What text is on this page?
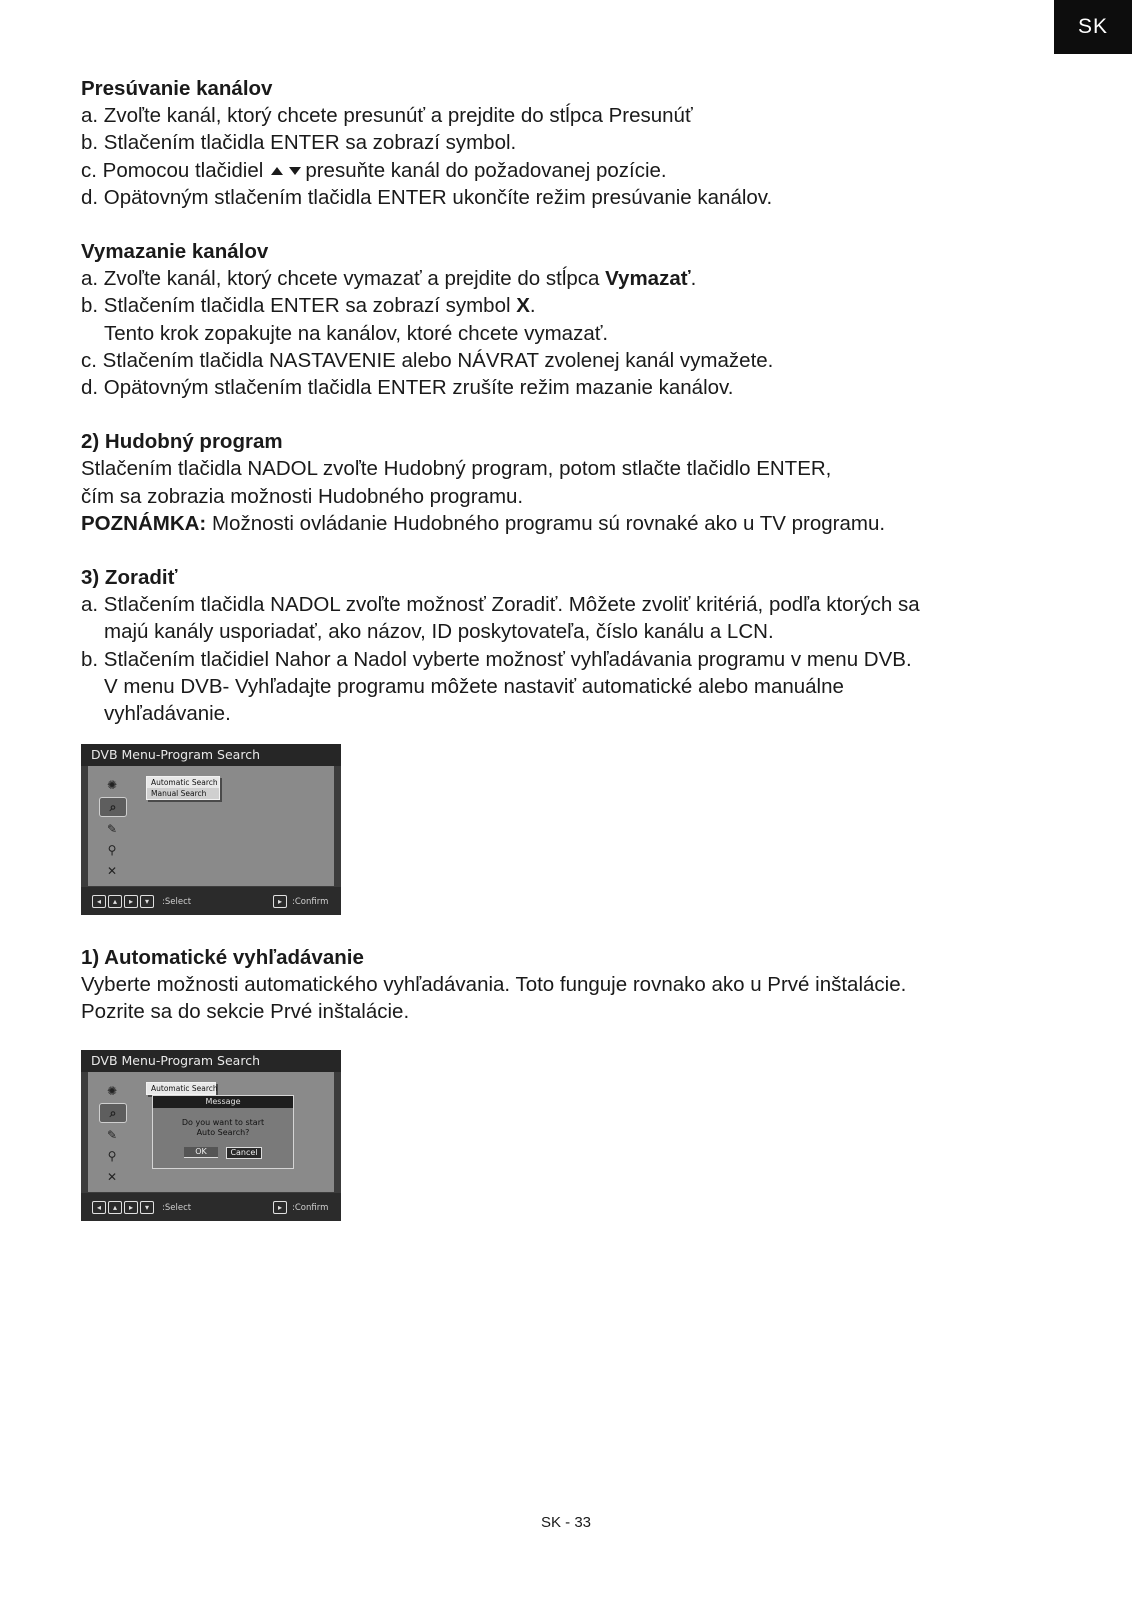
SK
Presúvanie kanálov
a. Zvoľte kanál, ktorý chcete presunúť a prejdite do stĺpca Presunúť
b. Stlačením tlačidla ENTER sa zobrazí symbol.
c. Pomocou tlačidiel presuňte kanál do požadovanej pozície.
d. Opätovným stlačením tlačidla ENTER ukončíte režim presúvanie kanálov.
Vymazanie kanálov
a. Zvoľte kanál, ktorý chcete vymazať a prejdite do stĺpca Vymazať.
b. Stlačením tlačidla ENTER sa zobrazí symbol X.
Tento krok zopakujte na kanálov, ktoré chcete vymazať.
c. Stlačením tlačidla NASTAVENIE alebo NÁVRAT zvolenej kanál vymažete.
d. Opätovným stlačením tlačidla ENTER zrušíte režim mazanie kanálov.
2) Hudobný program
Stlačením tlačidla NADOL zvoľte Hudobný program, potom stlačte tlačidlo ENTER,
čím sa zobrazia možnosti Hudobného programu.
POZNÁMKA: Možnosti ovládanie Hudobného programu sú rovnaké ako u TV programu.
3) Zoradiť
a. Stlačením tlačidla NADOL zvoľte možnosť Zoradiť. Môžete zvoliť kritériá, podľa ktorých sa
majú kanály usporiadať, ako názov, ID poskytovateľa, číslo kanálu a LCN.
b. Stlačením tlačidiel Nahor a Nadol vyberte možnosť vyhľadávania programu v menu DVB.
V menu DVB- Vyhľadajte programu môžete nastaviť automatické alebo manuálne
vyhľadávanie.
DVB Menu-Program Search
✺
⌕
✎
⚲
✕
Automatic Search
Manual Search
◂	▴	▸	▾	:Select	▸	:Confirm
1) Automatické vyhľadávanie
Vyberte možnosti automatického vyhľadávania. Toto funguje rovnako ako u Prvé inštalácie.
Pozrite sa do sekcie Prvé inštalácie.
DVB Menu-Program Search
✺
⌕
✎
⚲
✕
Automatic Search
Message
Do you want to start
Auto Search?
OK	Cancel
◂	▴	▸	▾	:Select	▸	:Confirm
SK - 33
